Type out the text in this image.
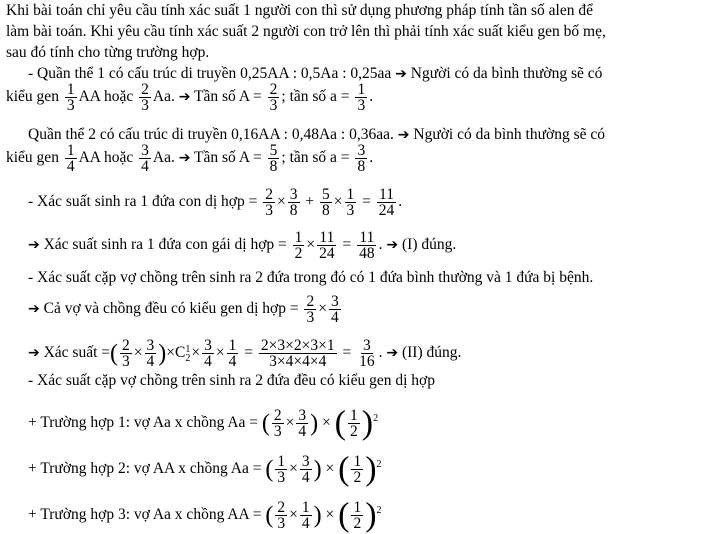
Khi bài toán chỉ yêu cầu tính xác suất 1 người con thì sử dụng phương pháp tính tần số alen để
làm bài toán. Khi yêu cầu tính xác suất 2 người con trở lên thì phải tính xác suất kiểu gen bố mẹ,
sau đó tính cho từng trường hợp.
- Quần thể 1 có cấu trúc di truyền 0,25AA : 0,5Aa : 0,25aa ➔ Người có da bình thường sẽ có
kiểu gen $\frac{1}{3}$ AA hoặc $\frac{2}{3} Aa$. ➔ Tần số $A = \frac{2}{3}$ ; tần số $a = \frac{1}{3}$ .
Quần thể 2 có cấu trúc di truyền 0,16AA : 0,48Aa : 0,36aa. ➔ Người có da bình thường sẽ có
kiểu gen $\frac{1}{4}$ AA hoặc $\frac{3}{4} Aa$. ➔ Tần số $A = \frac{5}{8}$ ; tần số $a = \frac{3}{8}$ .
- Xác suất sinh ra 1 đứa con dị hợp = $\frac{2}{3} \times \frac{3}{8} + \frac{5}{8} \times \frac{1}{3} = \frac{11}{24}$ .
➔ Xác suất sinh ra 1 đứa con gái dị hợp = $\frac{1}{2} \times \frac{11}{24} = \frac{11}{48}$ . ➔ (I) đúng.
- Xác suất cặp vợ chồng trên sinh ra 2 đứa trong đó có 1 đứa bình thường và 1 đứa bị bệnh.
➔ Cả vợ và chồng đều có kiểu gen dị hợp = $\frac{2}{3} \times \frac{3}{4}$
➔ Xác suất =( $\frac{2}{3} \times \frac{3}{4} )\times C$ 1
$2 \times \frac{3}{4} \times \frac{1}{4} = \frac{2\times 3\times 2\times 3\times 1}{3\times 4\times 4\times 4} = \frac{3}{16}$ . ➔ (II) đúng.
- Xác suất cặp vợ chồng trên sinh ra 2 đứa đều có kiểu gen dị hợp
+ Trường hợp 1: vợ Aa x chồng Aa = ( $\frac{2}{3} \times \frac{3}{4}$ ) × ( $\frac{1}{2} )^2$
+ Trường hợp 2: vợ AA x chồng Aa = ( $\frac{1}{3} \times \frac{3}{4}$ ) × ( $\frac{1}{2} )^2$
+ Trường hợp 3: vợ Aa x chồng AA = ( $\frac{2}{3} \times \frac{1}{4}$ ) × ( $\frac{1}{2} )^2$
